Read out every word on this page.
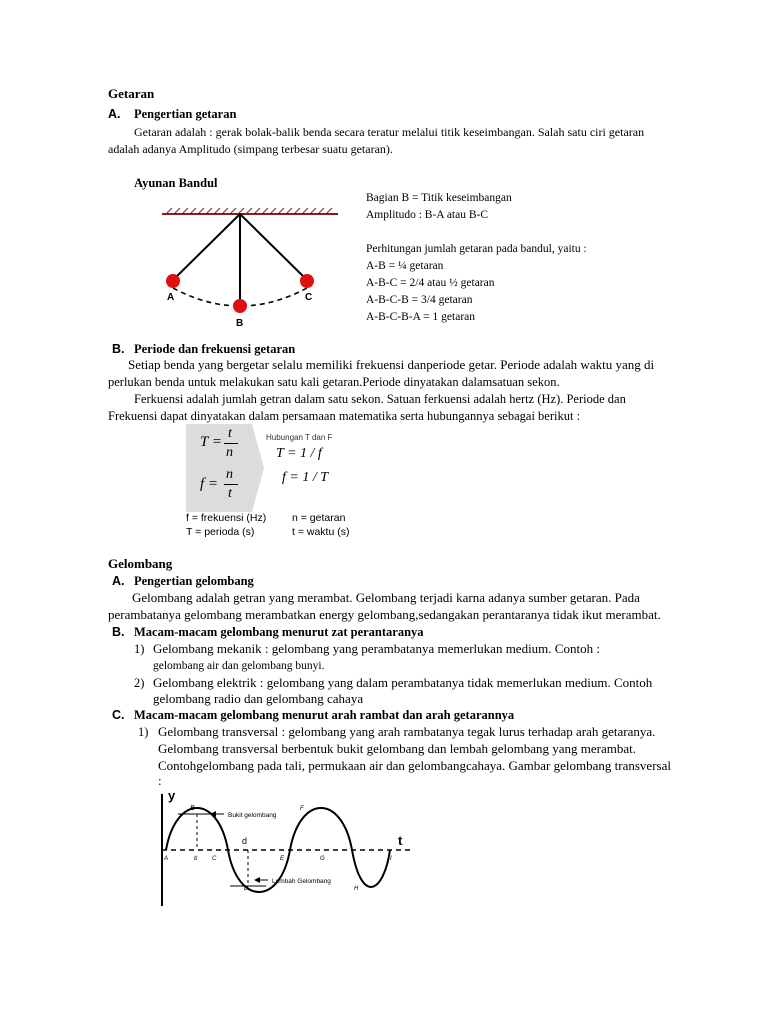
Getaran
A. Pengertian getaran
Getaran adalah : gerak bolak-balik benda secara teratur melalui titik keseimbangan. Salah satu ciri getaran
adalah adanya Amplitudo (simpang terbesar suatu getaran).
Ayunan Bandul
A
B
C
Bagian B = Titik keseimbangan
Amplitudo : B-A atau B-C
Perhitungan jumlah getaran pada bandul, yaitu :
A-B = ¼ getaran
A-B-C = 2/4 atau ½ getaran
A-B-C-B = 3/4 getaran
A-B-C-B-A = 1 getaran
B. Periode dan frekuensi getaran
Setiap benda yang bergetar selalu memiliki frekuensi danperiode getar. Periode adalah waktu yang di
perlukan benda untuk melakukan satu kali getaran.Periode dinyatakan dalamsatuan sekon.
Ferkuensi adalah jumlah getran dalam satu sekon. Satuan ferkuensi adalah hertz (Hz). Periode dan
Frekuensi dapat dinyatakan dalam persamaan matematika serta hubungannya sebagai berikut :
T =
t
n
f =
n
t
Hubungan T dan F
T = 1 / f
f = 1 / T
f = frekuensi (Hz)
T = perioda (s)
n = getaran
t = waktu (s)
Gelombang
A. Pengertian gelombang
Gelombang adalah getran yang merambat. Gelombang terjadi karna adanya sumber getaran. Pada
perambatanya gelombang merambatkan energy gelombang,sedangakan perantaranya tidak ikut merambat.
B. Macam-macam gelombang menurut zat perantaranya
1) Gelombang mekanik : gelombang yang perambatanya memerlukan medium. Contoh :
gelombang air dan gelombang bunyi.
2) Gelombang elektrik : gelombang yang dalam perambatanya tidak memerlukan medium. Contoh
gelombang radio dan gelombang cahaya
C. Macam-macam gelombang menurut arah rambat dan arah getarannya
1) Gelombang transversal : gelombang yang arah rambatanya tegak lurus terhadap arah getaranya.
Gelombang transversal berbentuk bukit gelombang dan lembah gelombang yang merambat.
Contohgelombang pada tali, permukaan air dan gelombangcahaya. Gambar gelombang transversal
:
y
t
Bukit gelombang
Lembah Gelombang
A
B
b C
d
D
E
F
G
H
I
